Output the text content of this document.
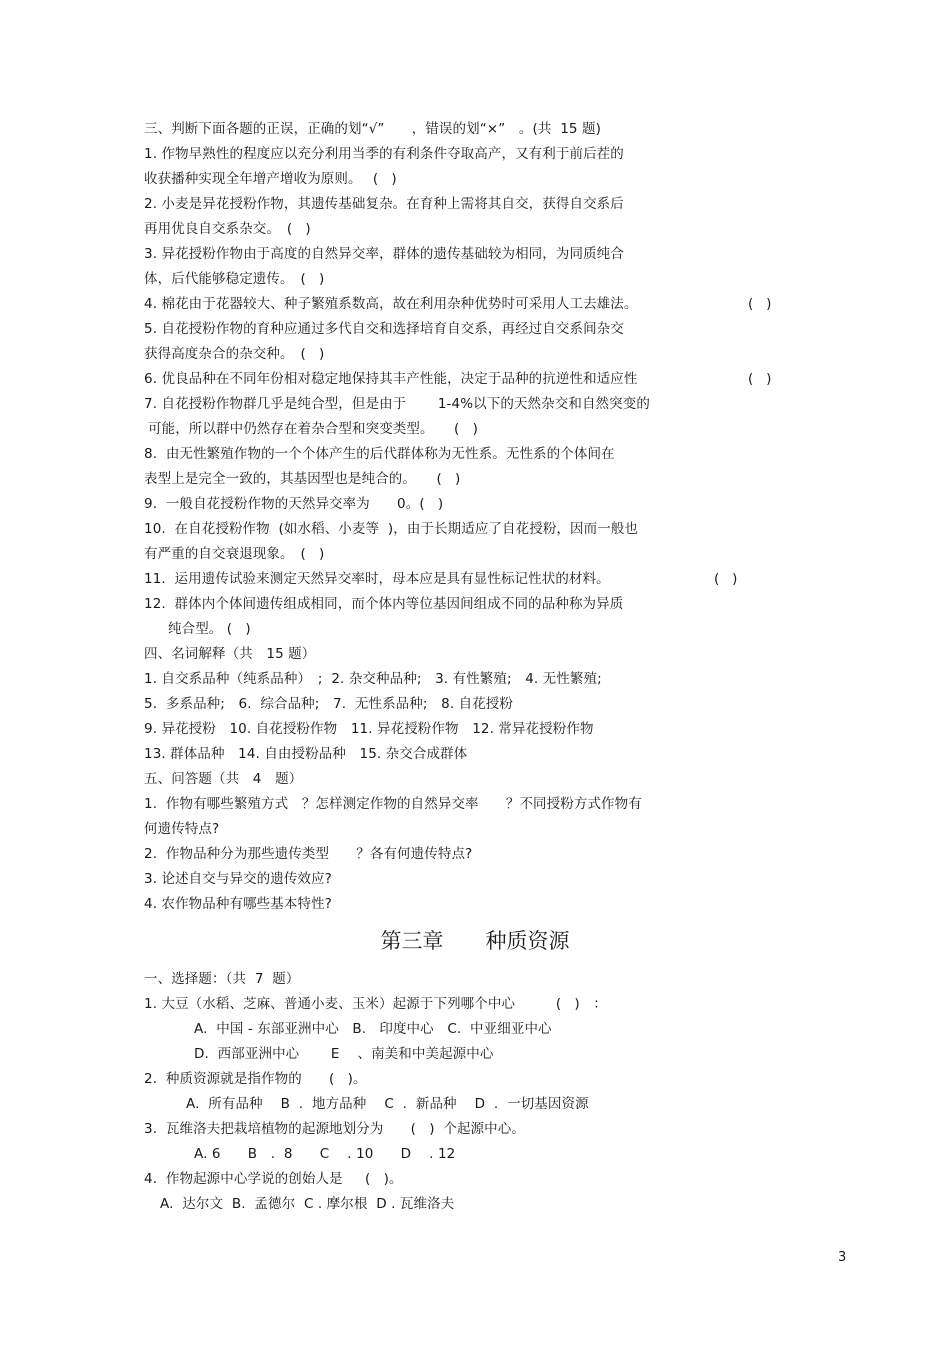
三、判断下面各题的正误，正确的划“√”　　，错误的划“×”　。(共  15 题)
1. 作物早熟性的程度应以充分利用当季的有利条件夺取高产，又有利于前后茬的
收获播种实现全年增产增收为原则。　 (   )
2. 小麦是异花授粉作物，其遗传基础复杂。在育种上需将其自交，获得自交系后
再用优良自交系杂交。　(   )
3. 异花授粉作物由于高度的自然异交率，群体的遗传基础较为相同，为同质纯合
体，后代能够稳定遗传。　(   )
4. 棉花由于花器较大、种子繁殖系数高，故在利用杂种优势时可采用人工去雄法。	(   )
5. 自花授粉作物的育种应通过多代自交和选择培育自交系，再经过自交系间杂交
获得高度杂合的杂交种。　(   )
6. 优良品种在不同年份相对稳定地保持其丰产性能，决定于品种的抗逆性和适应性	(   )
7. 自花授粉作物群几乎是纯合型，但是由于　　 1-4%以下的天然杂交和自然突变的
可能，所以群中仍然存在着杂合型和突变类型。　　(   )
8.  由无性繁殖作物的一个个体产生的后代群体称为无性系。无性系的个体间在
表型上是完全一致的，其基因型也是纯合的。　　(   )
9.  一般自花授粉作物的天然异交率为　　0。(   )
10.  在自花授粉作物  (如水稻、小麦等  )，由于长期适应了自花授粉，因而一般也
有严重的自交衰退现象。　(   )
11.  运用遗传试验来测定天然异交率时，母本应是具有显性标记性状的材料。	(   )
12.  群体内个体间遗传组成相同，而个体内等位基因间组成不同的品种称为异质
纯合型。 (   )
四、名词解释（共　15 题）
1. 自交系品种（纯系品种）　;  2. 杂交种品种;　3. 有性繁殖;　4. 无性繁殖;
5.  多系品种;　6.  综合品种;　7.  无性系品种;　8. 自花授粉
9. 异花授粉　10. 自花授粉作物　11. 异花授粉作物　12. 常异花授粉作物
13. 群体品种　14. 自由授粉品种　15. 杂交合成群体
五、问答题（共　4　题）
1.  作物有哪些繁殖方式　？怎样测定作物的自然异交率　　？不同授粉方式作物有
何遗传特点?
2.  作物品种分为那些遗传类型　　？各有何遗传特点?
3. 论述自交与异交的遗传效应?
4. 农作物品种有哪些基本特性?
第三章　　种质资源
一、选择题：（共  7  题）
1. 大豆（水稻、芝麻、普通小麦、玉米）起源于下列哪个中心　　　(   )　：
A.  中国 - 东部亚洲中心　B.   印度中心　C.  中亚细亚中心
D.  西部亚洲中心　　 E　 、南美和中美起源中心
2.  种质资源就是指作物的　　(   )。
A.  所有品种　 B  .  地方品种　 C  .  新品种　 D  .  一切基因资源
3.  瓦维洛夫把栽培植物的起源地划分为　　(   )  个起源中心。
A. 6　　B　.  8　　C　 . 10　　D　 . 12
4.  作物起源中心学说的创始人是　  (   )。
A.  达尔文  B.  孟德尔  C . 摩尔根  D . 瓦维洛夫
3
